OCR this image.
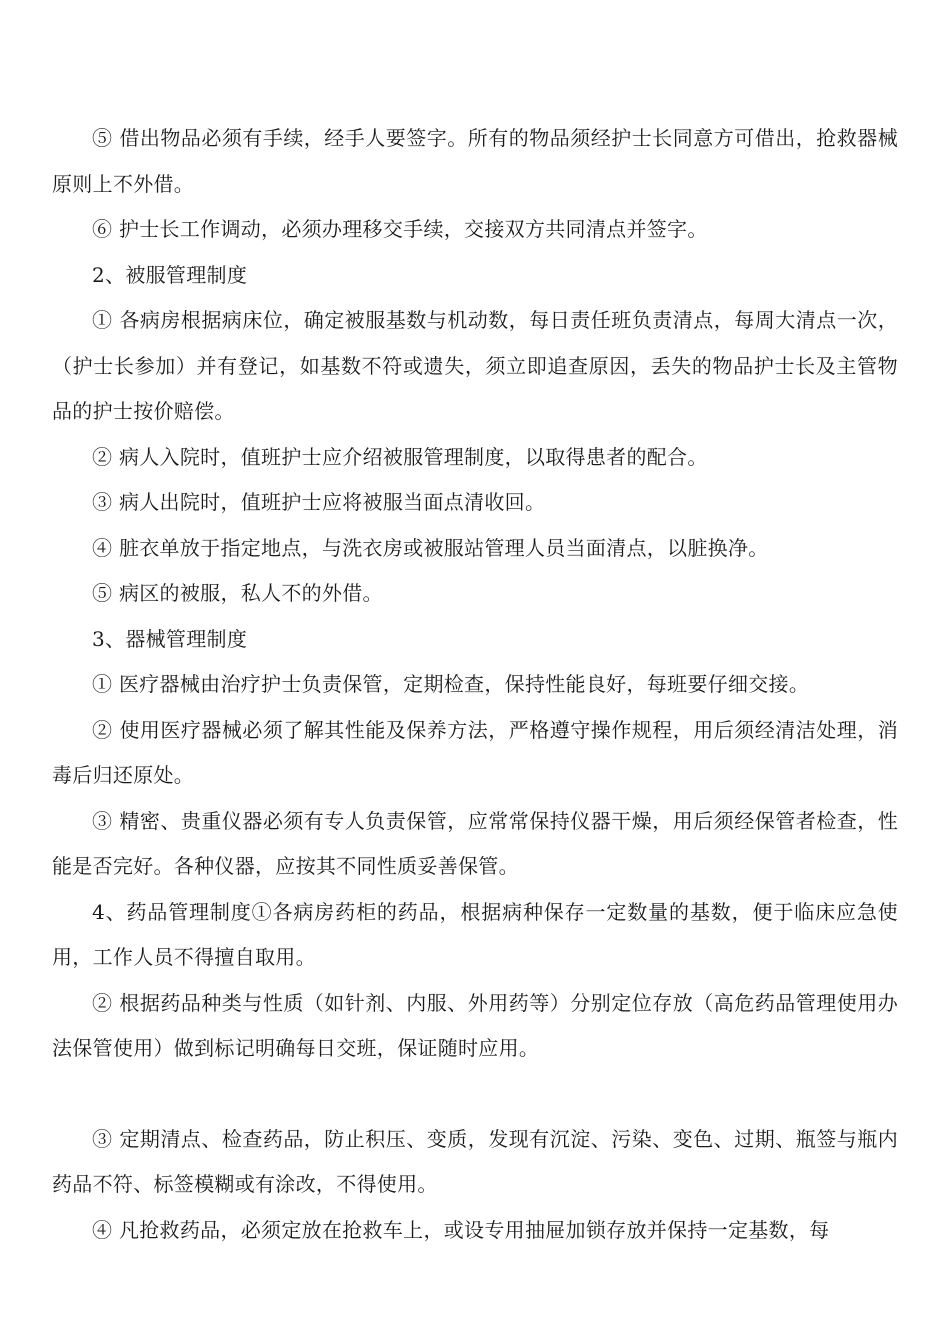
⑤ 借出物品必须有手续，经手人要签字。所有的物品须经护士长同意方可借出，抢救器械原则上不外借。

⑥ 护士长工作调动，必须办理移交手续，交接双方共同清点并签字。

2、被服管理制度

① 各病房根据病床位，确定被服基数与机动数，每日责任班负责清点，每周大清点一次，（护士长参加）并有登记，如基数不符或遗失，须立即追查原因，丢失的物品护士长及主管物品的护士按价赔偿。

② 病人入院时，值班护士应介绍被服管理制度，以取得患者的配合。

③ 病人出院时，值班护士应将被服当面点清收回。

④ 脏衣单放于指定地点，与洗衣房或被服站管理人员当面清点，以脏换净。

⑤ 病区的被服，私人不的外借。

3、器械管理制度

① 医疗器械由治疗护士负责保管，定期检查，保持性能良好，每班要仔细交接。

② 使用医疗器械必须了解其性能及保养方法，严格遵守操作规程，用后须经清洁处理，消毒后归还原处。

③ 精密、贵重仪器必须有专人负责保管，应常常保持仪器干燥，用后须经保管者检查，性能是否完好。各种仪器，应按其不同性质妥善保管。

4、药品管理制度①各病房药柜的药品，根据病种保存一定数量的基数，便于临床应急使用，工作人员不得擅自取用。

② 根据药品种类与性质（如针剂、内服、外用药等）分别定位存放（高危药品管理使用办法保管使用）做到标记明确每日交班，保证随时应用。

③ 定期清点、检查药品，防止积压、变质，发现有沉淀、污染、变色、过期、瓶签与瓶内药品不符、标签模糊或有涂改，不得使用。

④ 凡抢救药品，必须定放在抢救车上，或设专用抽屉加锁存放并保持一定基数，每
